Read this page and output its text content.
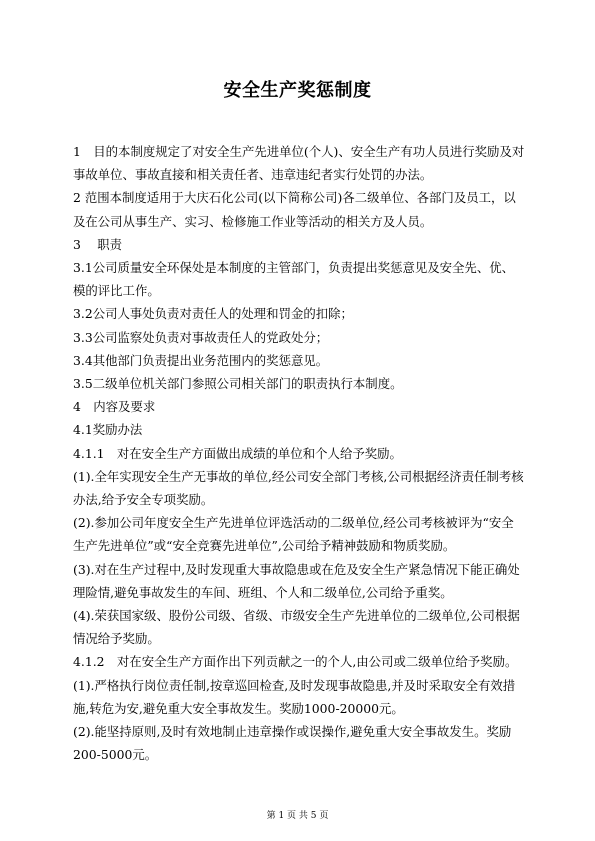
安全生产奖惩制度

1　目的本制度规定了对安全生产先进单位(个人)、安全生产有功人员进行奖励及对事故单位、事故直接和相关责任者、违章违纪者实行处罚的办法。

2 范围本制度适用于大庆石化公司(以下简称公司)各二级单位、各部门及员工，以及在公司从事生产、实习、检修施工作业等活动的相关方及人员。

3　 职责

3.1公司质量安全环保处是本制度的主管部门，负责提出奖惩意见及安全先、优、模的评比工作。

3.2公司人事处负责对责任人的处理和罚金的扣除；

3.3公司监察处负责对事故责任人的党政处分；

3.4其他部门负责提出业务范围内的奖惩意见。

3.5二级单位机关部门参照公司相关部门的职责执行本制度。

4　内容及要求

4.1奖励办法

4.1.1　对在安全生产方面做出成绩的单位和个人给予奖励。

(1).全年实现安全生产无事故的单位,经公司安全部门考核,公司根据经济责任制考核办法,给予安全专项奖励。

(2).参加公司年度安全生产先进单位评选活动的二级单位,经公司考核被评为“安全生产先进单位”或“安全竞赛先进单位”,公司给予精神鼓励和物质奖励。

(3).对在生产过程中,及时发现重大事故隐患或在危及安全生产紧急情况下能正确处理险情,避免事故发生的车间、班组、个人和二级单位,公司给予重奖。

(4).荣获国家级、股份公司级、省级、市级安全生产先进单位的二级单位,公司根据情况给予奖励。

4.1.2　对在安全生产方面作出下列贡献之一的个人,由公司或二级单位给予奖励。

(1).严格执行岗位责任制,按章巡回检查,及时发现事故隐患,并及时采取安全有效措施,转危为安,避免重大安全事故发生。奖励1000-20000元。

(2).能坚持原则,及时有效地制止违章操作或误操作,避免重大安全事故发生。奖励200-5000元。

第 1 页 共 5 页
